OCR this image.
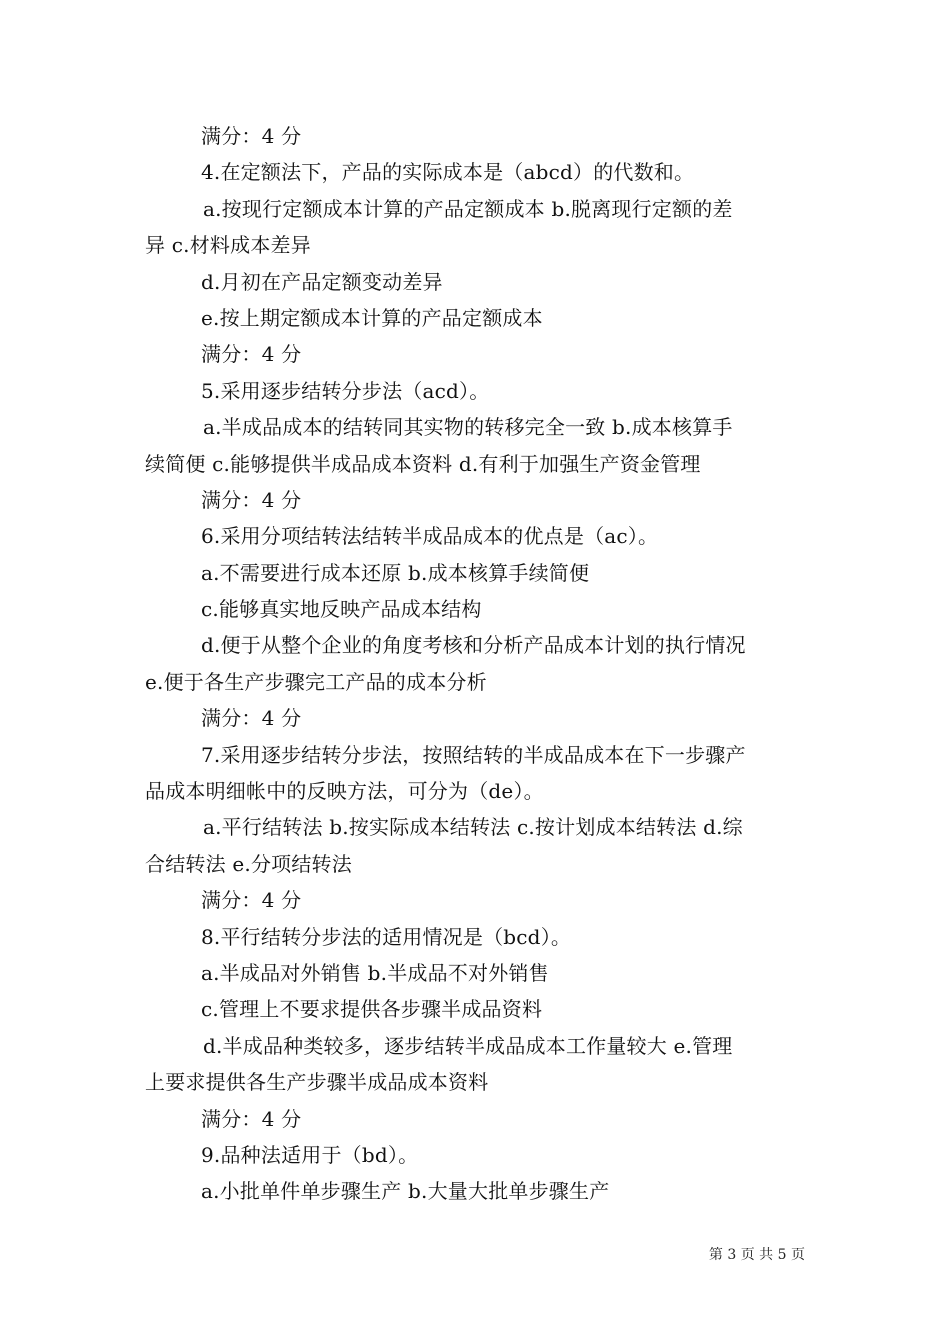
满分：4 分
4.在定额法下，产品的实际成本是（abcd）的代数和。
a.按现行定额成本计算的产品定额成本 b.脱离现行定额的差
异 c.材料成本差异
d.月初在产品定额变动差异
e.按上期定额成本计算的产品定额成本
满分：4 分
5.采用逐步结转分步法（acd）。
a.半成品成本的结转同其实物的转移完全一致 b.成本核算手
续简便 c.能够提供半成品成本资料 d.有利于加强生产资金管理
满分：4 分
6.采用分项结转法结转半成品成本的优点是（ac）。
a.不需要进行成本还原 b.成本核算手续简便
c.能够真实地反映产品成本结构
d.便于从整个企业的角度考核和分析产品成本计划的执行情况
e.便于各生产步骤完工产品的成本分析
满分：4 分
7.采用逐步结转分步法，按照结转的半成品成本在下一步骤产
品成本明细帐中的反映方法，可分为（de）。
a.平行结转法 b.按实际成本结转法 c.按计划成本结转法 d.综
合结转法 e.分项结转法
满分：4 分
8.平行结转分步法的适用情况是（bcd）。
a.半成品对外销售 b.半成品不对外销售
c.管理上不要求提供各步骤半成品资料
d.半成品种类较多，逐步结转半成品成本工作量较大 e.管理
上要求提供各生产步骤半成品成本资料
满分：4 分
9.品种法适用于（bd）。
a.小批单件单步骤生产 b.大量大批单步骤生产
第 3 页 共 5 页
